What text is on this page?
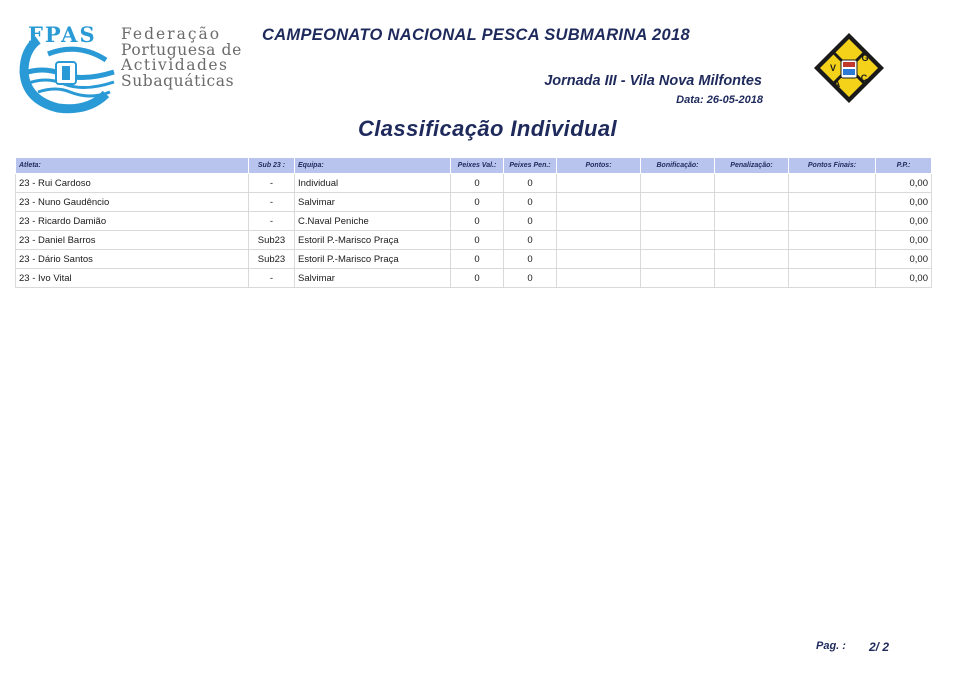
FPAS Federação
Portuguesa de
Actividades
Subaquáticas
CAMPEONATO NACIONAL PESCA SUBMARINA 2018
Jornada III - Vila Nova Milfontes
Data: 26-05-2018
V
G
A
C
Classificação Individual
Atleta:	Sub 23 :	Equipa:	Peixes Val.:	Peixes Pen.:	Pontos:	Bonificação:	Penalização:	Pontos Finais:	P.P.:
23 - Rui Cardoso	-	Individual	0	0					0,00
23 - Nuno Gaudêncio	-	Salvimar	0	0					0,00
23 - Ricardo Damião	-	C.Naval Peniche	0	0					0,00
23 - Daniel Barros	Sub23	Estoril P.-Marisco Praça	0	0					0,00
23 - Dário Santos	Sub23	Estoril P.-Marisco Praça	0	0					0,00
23 - Ivo Vital	-	Salvimar	0	0					0,00
Pag. : 2/ 2
